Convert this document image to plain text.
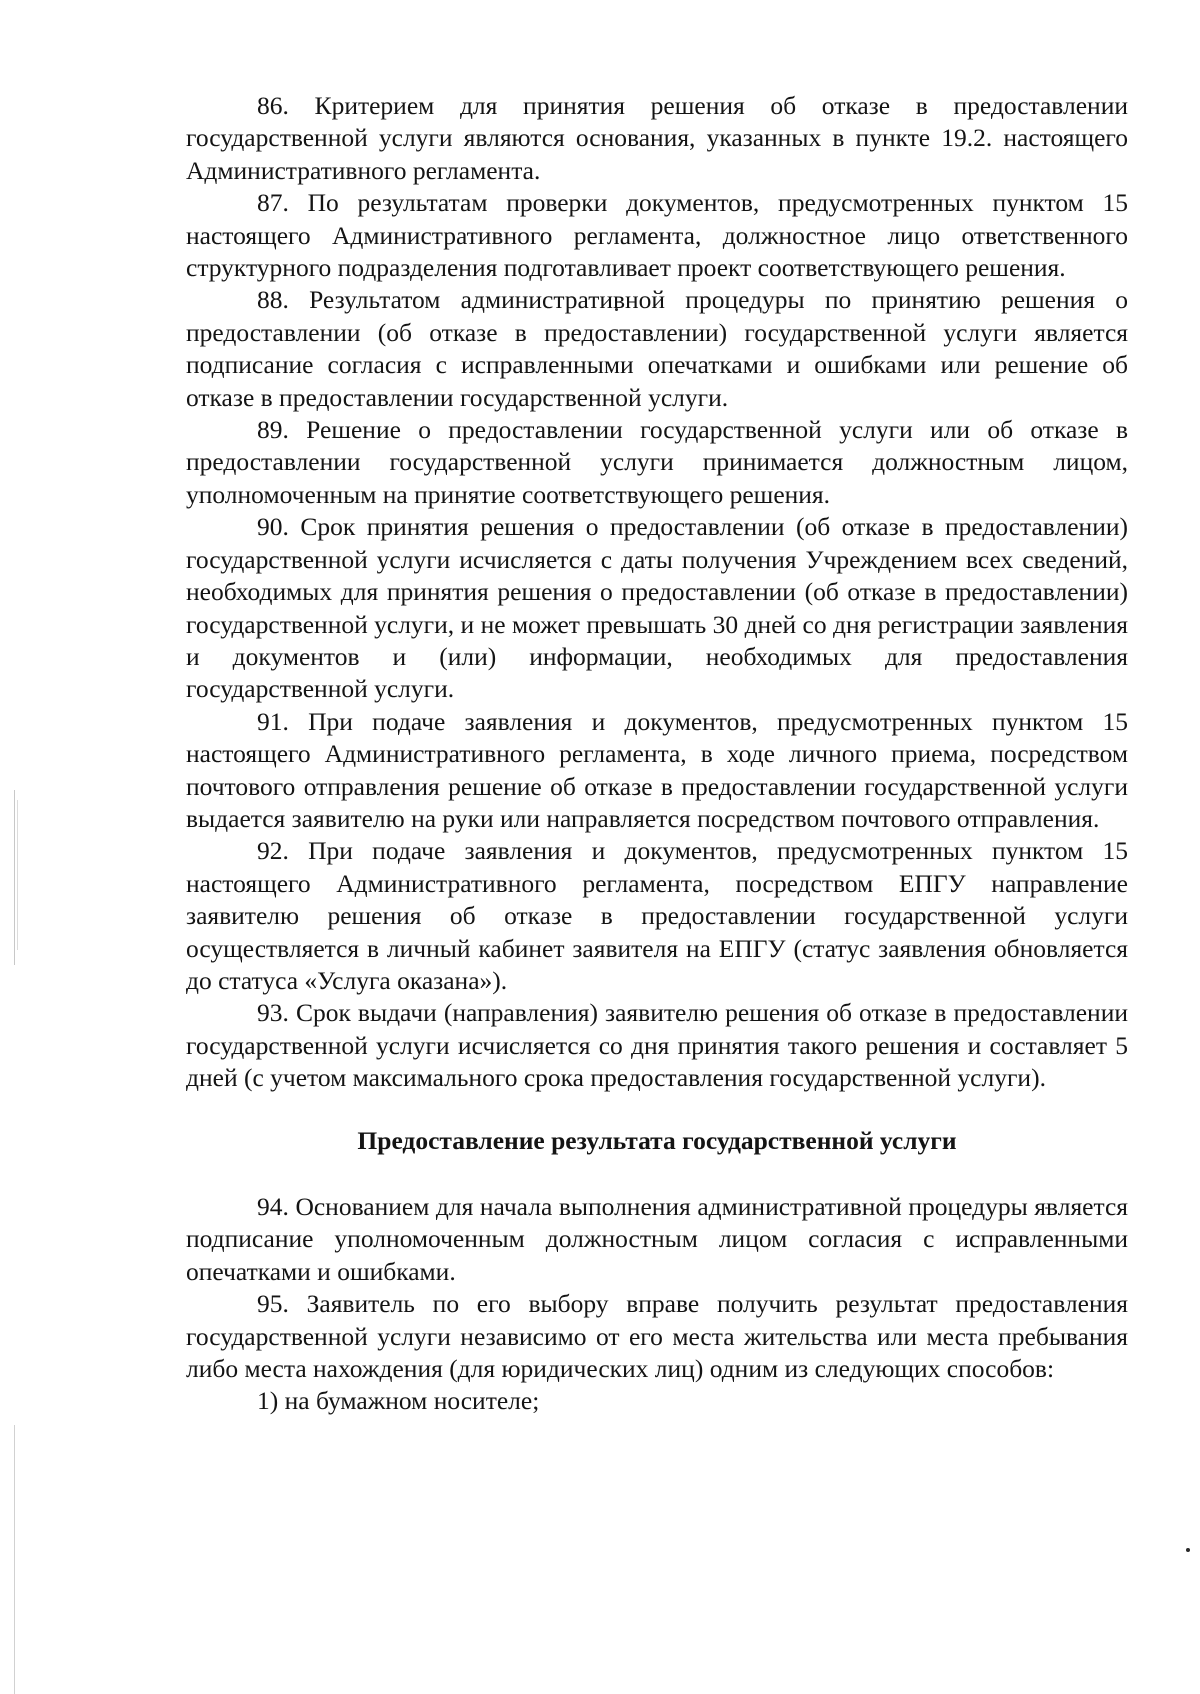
86. Критерием для принятия решения об отказе в предоставлении государственной услуги являются основания, указанных в пункте 19.2. настоящего Административного регламента.

87. По результатам проверки документов, предусмотренных пунктом 15 настоящего Административного регламента, должностное лицо ответственного структурного подразделения подготавливает проект соответствующего решения.

88. Результатом административной процедуры по принятию решения о предоставлении (об отказе в предоставлении) государственной услуги является подписание согласия с исправленными опечатками и ошибками или решение об отказе в предоставлении государственной услуги.

89. Решение о предоставлении государственной услуги или об отказе в предоставлении государственной услуги принимается должностным лицом, уполномоченным на принятие соответствующего решения.

90. Срок принятия решения о предоставлении (об отказе в предоставлении) государственной услуги исчисляется с даты получения Учреждением всех сведений, необходимых для принятия решения о предоставлении (об отказе в предоставлении) государственной услуги, и не может превышать 30 дней со дня регистрации заявления и документов и (или) информации, необходимых для предоставления государственной услуги.

91. При подаче заявления и документов, предусмотренных пунктом 15 настоящего Административного регламента, в ходе личного приема, посредством почтового отправления решение об отказе в предоставлении государственной услуги выдается заявителю на руки или направляется посредством почтового отправления.

92. При подаче заявления и документов, предусмотренных пунктом 15 настоящего Административного регламента, посредством ЕПГУ направление заявителю решения об отказе в предоставлении государственной услуги осуществляется в личный кабинет заявителя на ЕПГУ (статус заявления обновляется до статуса «Услуга оказана»).

93. Срок выдачи (направления) заявителю решения об отказе в предоставлении государственной услуги исчисляется со дня принятия такого решения и составляет 5 дней (с учетом максимального срока предоставления государственной услуги).

Предоставление результата государственной услуги

94. Основанием для начала выполнения административной процедуры является подписание уполномоченным должностным лицом согласия с исправленными опечатками и ошибками.

95. Заявитель по его выбору вправе получить результат предоставления государственной услуги независимо от его места жительства или места пребывания либо места нахождения (для юридических лиц) одним из следующих способов:

1) на бумажном носителе;
